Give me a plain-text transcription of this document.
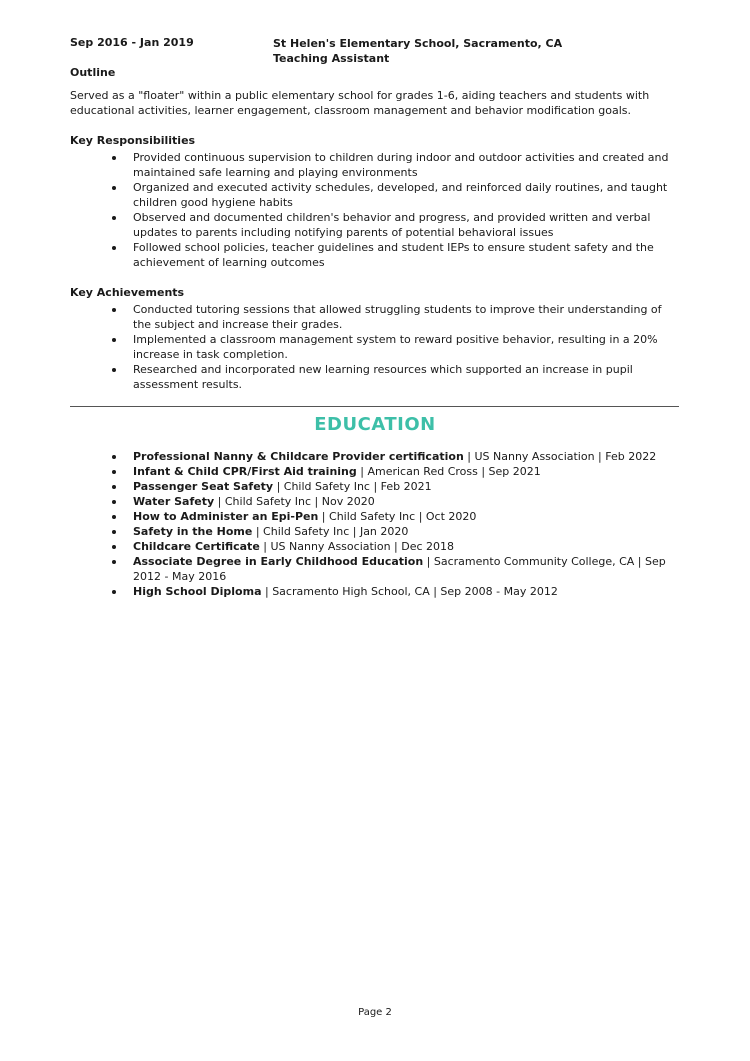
Sep 2016 - Jan 2019	St Helen's Elementary School, Sacramento, CA
Teaching Assistant
Outline

Served as a "floater" within a public elementary school for grades 1-6, aiding teachers and students with educational activities, learner engagement, classroom management and behavior modification goals.

Key Responsibilities
Provided continuous supervision to children during indoor and outdoor activities and created and maintained safe learning and playing environments
Organized and executed activity schedules, developed, and reinforced daily routines, and taught children good hygiene habits
Observed and documented children's behavior and progress, and provided written and verbal updates to parents including notifying parents of potential behavioral issues
Followed school policies, teacher guidelines and student IEPs to ensure student safety and the achievement of learning outcomes
Key Achievements
Conducted tutoring sessions that allowed struggling students to improve their understanding of the subject and increase their grades.
Implemented a classroom management system to reward positive behavior, resulting in a 20% increase in task completion.
Researched and incorporated new learning resources which supported an increase in pupil assessment results.
EDUCATION
Professional Nanny & Childcare Provider certification | US Nanny Association | Feb 2022
Infant & Child CPR/First Aid training | American Red Cross | Sep 2021
Passenger Seat Safety | Child Safety Inc | Feb 2021
Water Safety | Child Safety Inc | Nov 2020
How to Administer an Epi-Pen | Child Safety Inc | Oct 2020
Safety in the Home | Child Safety Inc | Jan 2020
Childcare Certificate | US Nanny Association | Dec 2018
Associate Degree in Early Childhood Education | Sacramento Community College, CA | Sep 2012 - May 2016
High School Diploma | Sacramento High School, CA | Sep 2008 - May 2012
Page 2
